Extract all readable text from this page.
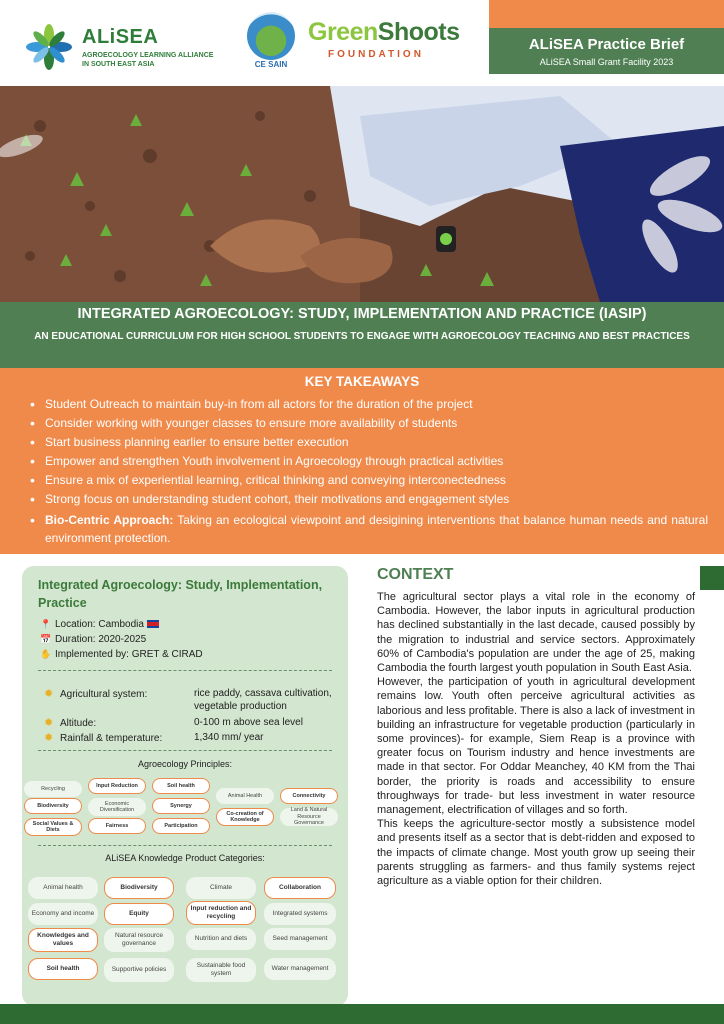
ALiSEA
AGROECOLOGY LEARNING ALLIANCE
IN SOUTH EAST ASIA	CE SAIN
GreenShoots
FOUNDATION
ALiSEA Practice Brief
ALiSEA Small Grant Facility 2023
INTEGRATED AGROECOLOGY: STUDY, IMPLEMENTATION AND PRACTICE (IASIP)
AN EDUCATIONAL CURRICULUM FOR HIGH SCHOOL STUDENTS TO ENGAGE WITH AGROECOLOGY TEACHING AND BEST PRACTICES
KEY TAKEAWAYS
• Student Outreach to maintain buy-in from all actors for the duration of the project
• Consider working with younger classes to ensure more availability of students
• Start business planning earlier to ensure better execution
• Empower and strengthen Youth involvement in Agroecology through practical activities
• Ensure a mix of experiential learning, critical thinking and conveying interconectedness
• Strong focus on understanding student cohort, their motivations and engagement styles
• Bio-Centric Approach: Taking an ecological viewpoint and desigining interventions that balance human needs and natural environment protection.
Integrated Agroecology: Study, Implementation, Practice
📍 Location: Cambodia
📅 Duration: 2020-2025
✋ Implemented by: GRET & CIRAD
✹ Agricultural system:	rice paddy, cassava cultivation, vegetable production
✹ Altitude:	0-100 m above sea level
✹ Rainfall & temperature:	1,340 mm/ year
Agroecology Principles:
Recycling
Biodiversity
Social Values & Diets
Input Reduction
Economic Diversification
Fairness
Soil health
Synergy
Participation
Animal Health
Co-creation of Knowledge
Connectivity
Land & Natural Resource Governance
ALiSEA Knowledge Product Categories:
Animal health
Economy and income
Knowledges and values
Soil health
Biodiversity
Equity
Natural resource governance
Supportive policies
Climate
Input reduction and recycling
Nutrition and diets
Sustainable food system
Collaboration
Integrated systems
Seed management
Water management
CONTEXT

The agricultural sector plays a vital role in the economy of Cambodia. However, the labor inputs in agricultural production has declined substantially in the last decade, caused possibly by the migration to industrial and service sectors. Approximately 60% of Cambodia's population are under the age of 25, making Cambodia the fourth largest youth population in South East Asia.

However, the participation of youth in agricultural development remains low. Youth often perceive agricultural activities as laborious and less profitable. There is also a lack of investment in building an infrastructure for vegetable production (particularly in some provinces)- for example, Siem Reap is a province with greater focus on Tourism industry and hence investments are made in that sector. For Oddar Meanchey, 40 KM from the Thai border, the priority is roads and accessibility to ensure throughways for trade- but less investment in water resource management, electrification of villages and so forth.

This keeps the agriculture-sector mostly a subsistence model and presents itself as a sector that is debt-ridden and exposed to the impacts of climate change. Most youth grow up seeing their parents struggling as farmers- and thus family systems reject agriculture as a viable option for their children.
